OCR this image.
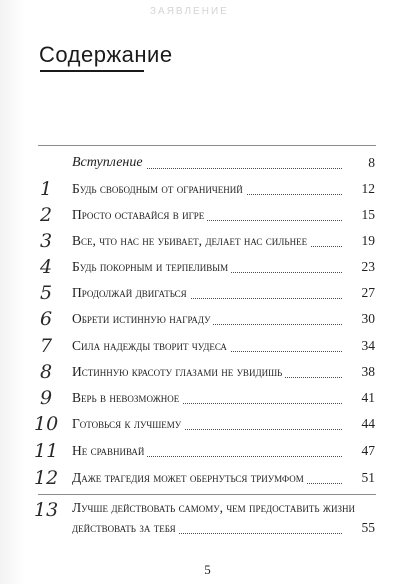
ЗАЯВЛЕНИЕ
Содержание
Вступление	8
1	Будь свободным от ограничений	12
2	Просто оставайся в игре	15
3	Все, что нас не убивает, делает нас сильнее	19
4	Будь покорным и терпеливым	23
5	Продолжай двигаться	27
6	Обрети истинную награду	30
7	Сила надежды творит чудеса	34
8	Истинную красоту глазами не увидишь	38
9	Верь в невозможное	41
10 Готовься к лучшему	44
11 Не сравнивай	47
12 Даже трагедия может обернуться триумфом	51
13 Лучше действовать самому, чем предоставить жизни
действовать за тебя	55
5
